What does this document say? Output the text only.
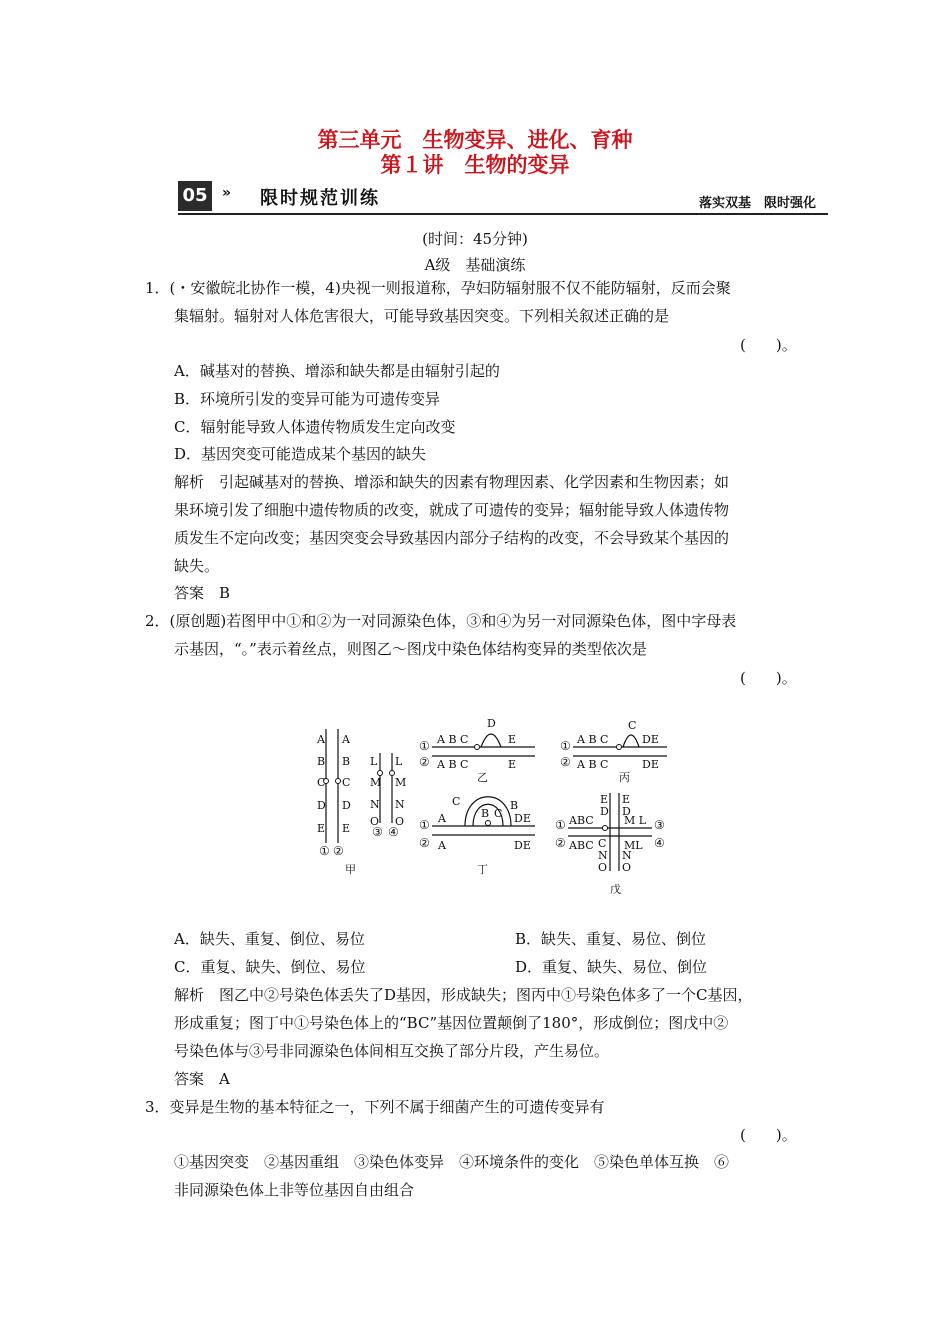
第三单元　生物变异、进化、育种
第１讲　生物的变异
05	» 限时规范训练	落实双基　限时强化
(时间：45分钟)
A级　基础演练
1．(・安徽皖北协作一模，4)央视一则报道称，孕妇防辐射服不仅不能防辐射，反而会聚
集辐射。辐射对人体危害很大，可能导致基因突变。下列相关叙述正确的是
(　　)。
A．碱基对的替换、增添和缺失都是由辐射引起的
B．环境所引发的变异可能为可遗传变异
C．辐射能导致人体遗传物质发生定向改变
D．基因突变可能造成某个基因的缺失
解析　引起碱基对的替换、增添和缺失的因素有物理因素、化学因素和生物因素；如
果环境引发了细胞中遗传物质的改变，就成了可遗传的变异；辐射能导致人体遗传物
质发生不定向改变；基因突变会导致基因内部分子结构的改变，不会导致某个基因的
缺失。
答案　B
2．(原创题)若图甲中①和②为一对同源染色体，③和④为另一对同源染色体，图中字母表
示基因，“。”表示着丝点，则图乙～图戊中染色体结构变异的类型依次是
(　　)。
A
B
C
D
E
A
B
C
D
E
① ②
L
M
N
O
L
M
N
O
③ ④
甲
①
②
A B C
D
E
A B C	E
乙
①
②
A B C
C
DE
A B C	DE
丙
①
②
A
C
B C
B
DE
A	DE
丁
①
②
③
④
E
D
E
D
ABC	M L
ABC	ML
C
N
O
N
O
戊
A．缺失、重复、倒位、易位	B．缺失、重复、易位、倒位
C．重复、缺失、倒位、易位	D．重复、缺失、易位、倒位
解析　图乙中②号染色体丢失了D基因，形成缺失；图丙中①号染色体多了一个C基因，
形成重复；图丁中①号染色体上的“BC”基因位置颠倒了180°，形成倒位；图戊中②
号染色体与③号非同源染色体间相互交换了部分片段，产生易位。
答案　A
3．变异是生物的基本特征之一，下列不属于细菌产生的可遗传变异有
(　　)。
①基因突变　②基因重组　③染色体变异　④环境条件的变化　⑤染色单体互换　⑥
非同源染色体上非等位基因自由组合
